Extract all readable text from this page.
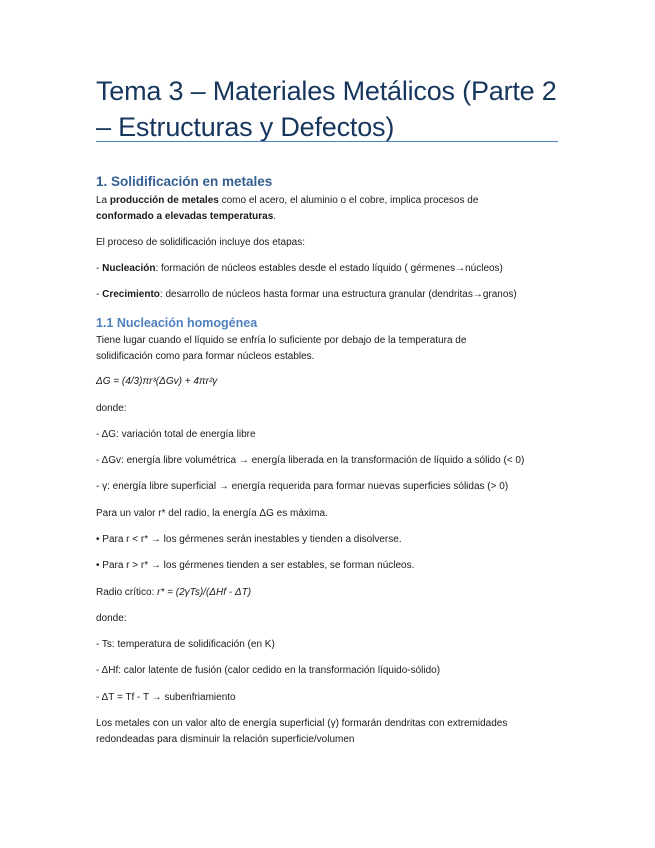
Tema 3 – Materiales Metálicos (Parte 2 – Estructuras y Defectos)
1. Solidificación en metales
La producción de metales como el acero, el aluminio o el cobre, implica procesos de conformado a elevadas temperaturas.
El proceso de solidificación incluye dos etapas:
- Nucleación: formación de núcleos estables desde el estado líquido ( gérmenes→núcleos)
- Crecimiento: desarrollo de núcleos hasta formar una estructura granular (dendritas→granos)
1.1 Nucleación homogénea
Tiene lugar cuando el líquido se enfría lo suficiente por debajo de la temperatura de solidificación como para formar núcleos estables.
ΔG = (4/3)πr³(ΔGv) + 4πr²γ
donde:
- ΔG: variación total de energía libre
- ΔGv: energía libre volumétrica → energía liberada en la transformación de líquido a sólido (< 0)
- γ: energía libre superficial → energía requerida para formar nuevas superficies sólidas (> 0)
Para un valor r* del radio, la energía ΔG es máxima.
• Para r < r* → los gérmenes serán inestables y tienden a disolverse.
• Para r > r* → los gérmenes tienden a ser estables, se forman núcleos.
Radio crítico: r* = (2γTs)/(ΔHf - ΔT)
donde:
- Ts: temperatura de solidificación (en K)
- ΔHf: calor latente de fusión (calor cedido en la transformación líquido-sólido)
- ΔT = Tf - T → subenfriamiento
Los metales con un valor alto de energía superficial (γ) formarán dendritas con extremidades redondeadas para disminuir la relación superficie/volumen
